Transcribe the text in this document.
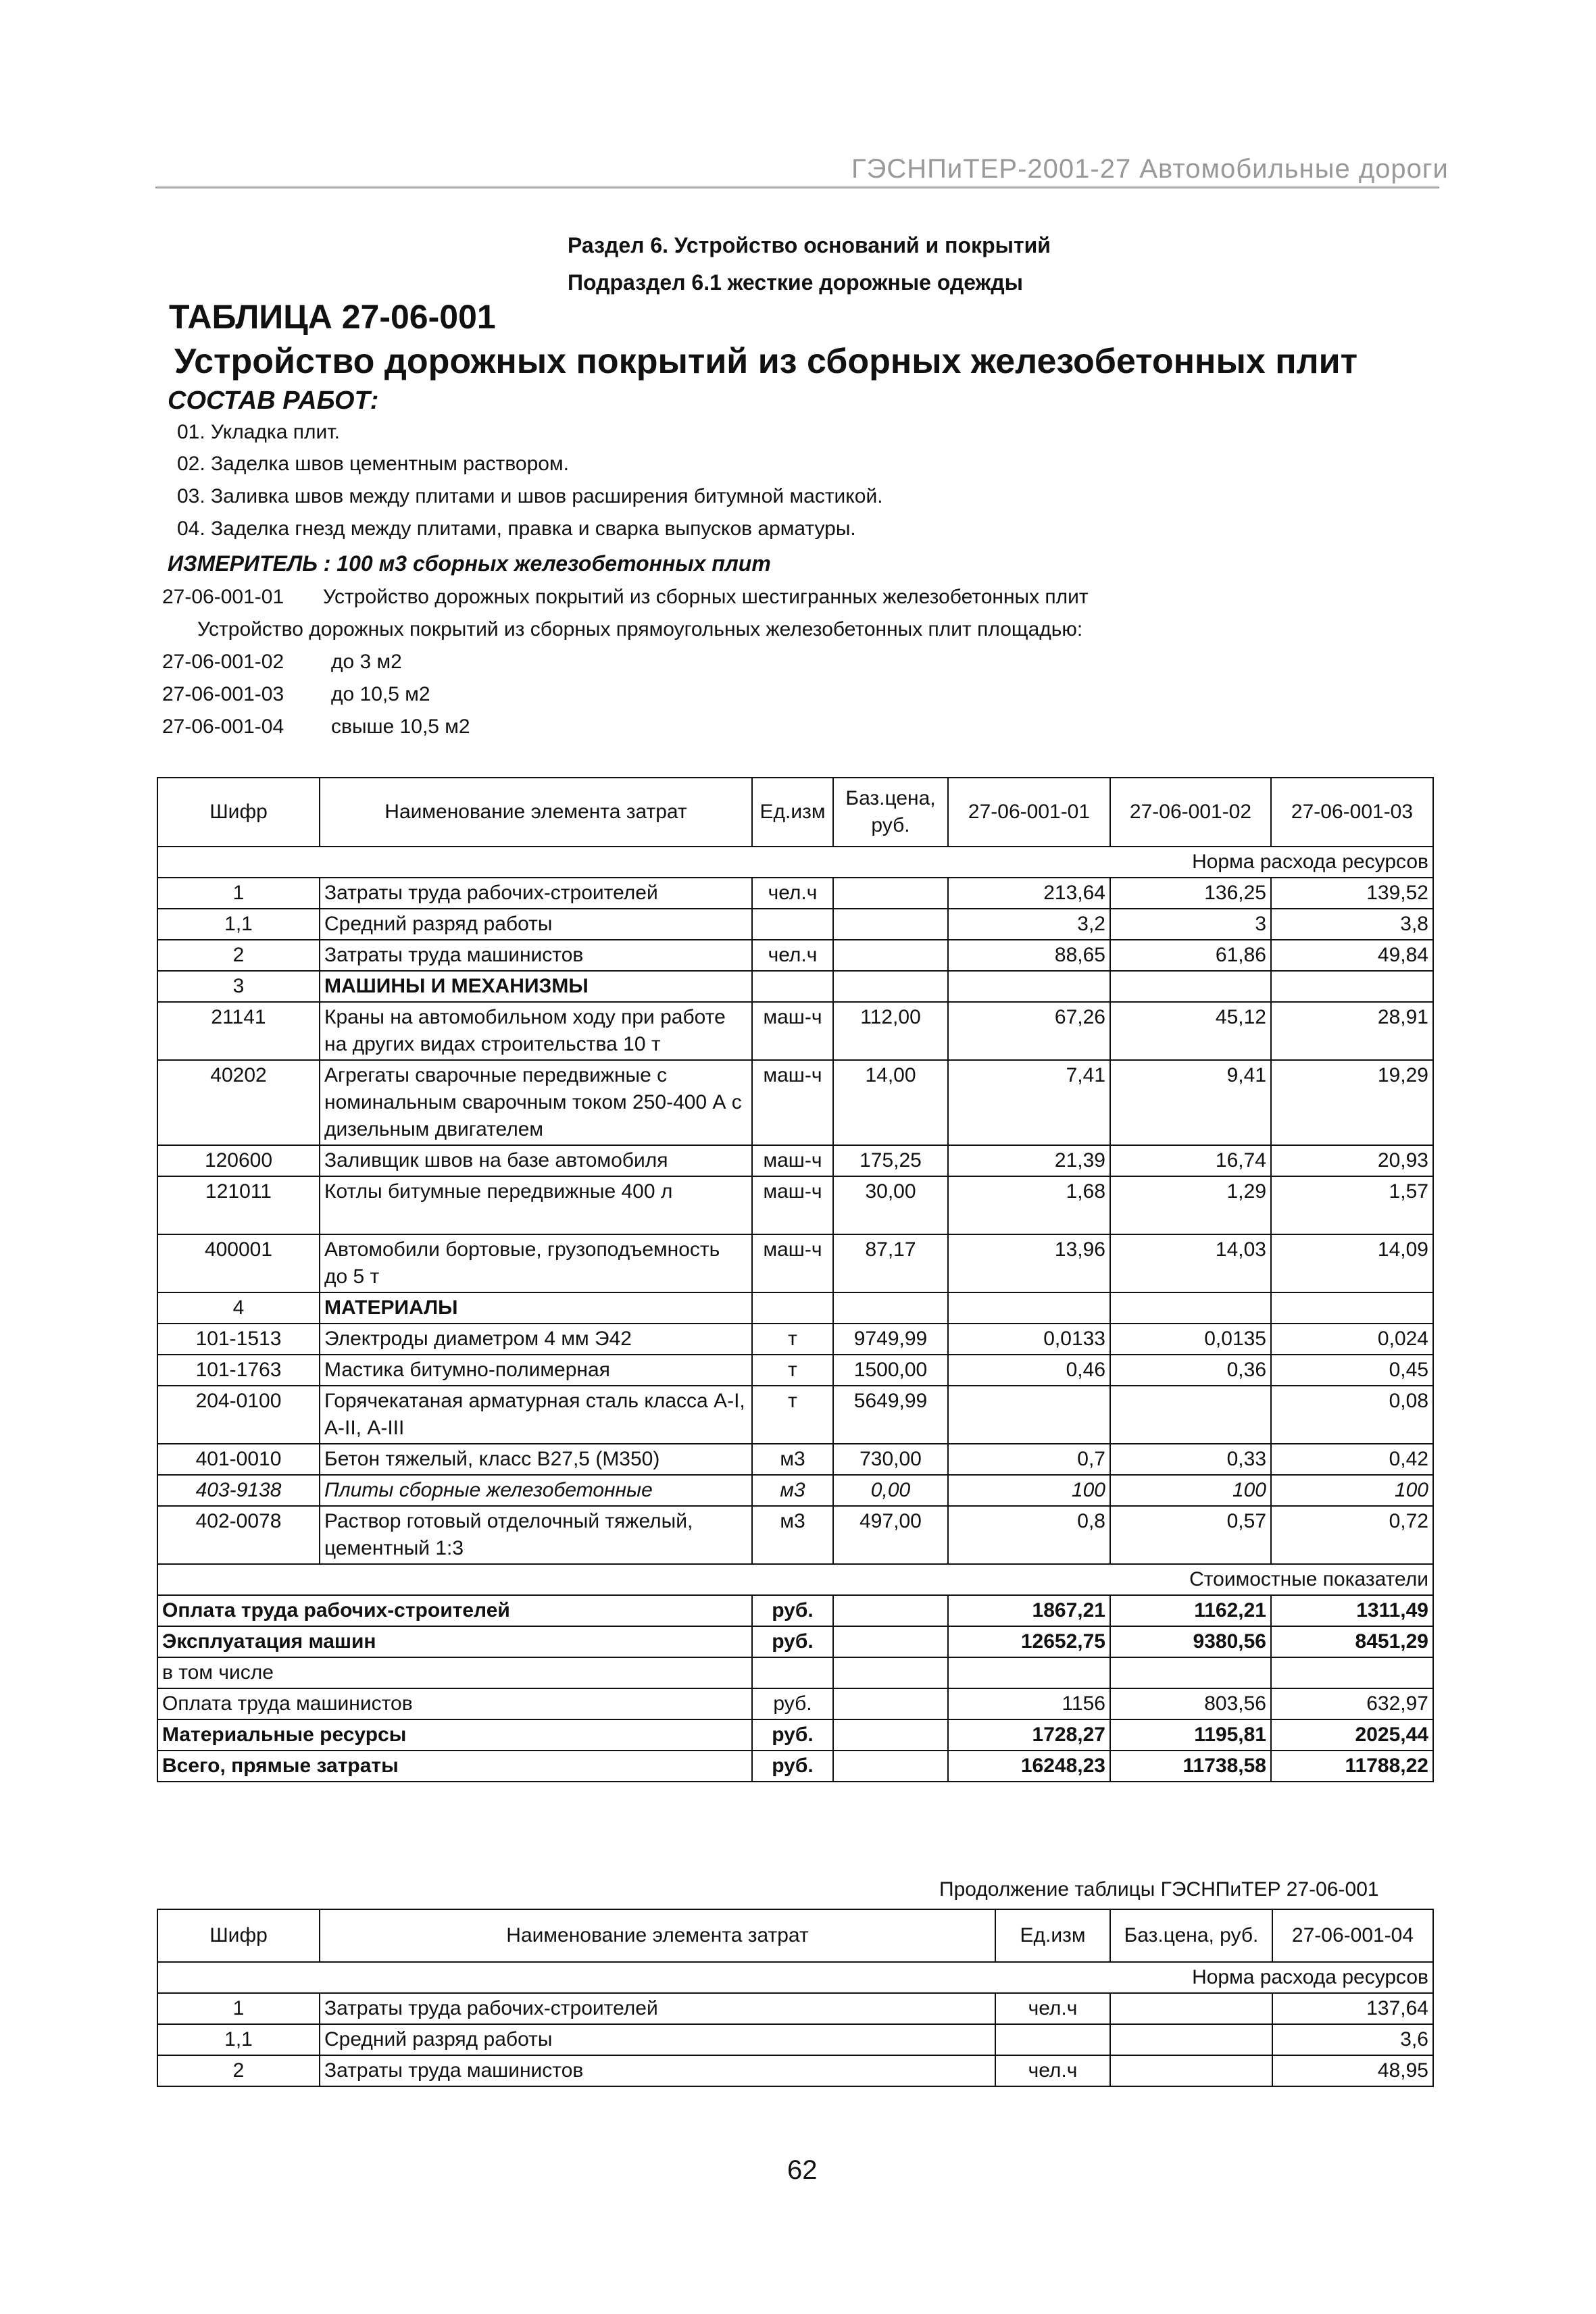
ГЭСНПиТЕР-2001-27 Автомобильные дороги
Раздел 6. Устройство оснований и покрытий
Подраздел 6.1 жесткие дорожные одежды
ТАБЛИЦА 27-06-001
Устройство дорожных покрытий из сборных железобетонных плит
СОСТАВ РАБОТ:
01. Укладка плит.
02. Заделка швов цементным раствором.
03. Заливка швов между плитами и швов расширения битумной мастикой.
04. Заделка гнезд между плитами, правка и сварка выпусков арматуры.
ИЗМЕРИТЕЛЬ : 100 м3 сборных железобетонных плит
27-06-001-01 Устройство дорожных покрытий из сборных шестигранных железобетонных плит
Устройство дорожных покрытий из сборных прямоугольных железобетонных плит площадью:
27-06-001-02 до 3 м2
27-06-001-03 до 10,5 м2
27-06-001-04 свыше 10,5 м2
Шифр	Наименование элемента затрат	Ед.изм	Баз.цена, руб.	27-06-001-01	27-06-001-02	27-06-001-03
Норма расхода ресурсов						
1	Затраты труда рабочих-строителей	чел.ч		213,64	136,25	139,52
1,1	Средний разряд работы			3,2	3	3,8
2	Затраты труда машинистов	чел.ч		88,65	61,86	49,84
3	МАШИНЫ И МЕХАНИЗМЫ					
21141	Краны на автомобильном ходу при работе на других видах строительства 10 т	маш-ч	112,00	67,26	45,12	28,91
40202	Агрегаты сварочные передвижные с номинальным сварочным током 250-400 А с дизельным двигателем	маш-ч	14,00	7,41	9,41	19,29
120600	Заливщик швов на базе автомобиля	маш-ч	175,25	21,39	16,74	20,93
121011	Котлы битумные передвижные 400 л	маш-ч	30,00	1,68	1,29	1,57
400001	Автомобили бортовые, грузоподъемность до 5 т	маш-ч	87,17	13,96	14,03	14,09
4	МАТЕРИАЛЫ					
101-1513	Электроды диаметром 4 мм Э42	т	9749,99	0,0133	0,0135	0,024
101-1763	Мастика битумно-полимерная	т	1500,00	0,46	0,36	0,45
204-0100	Горячекатаная арматурная сталь класса А-I, А-II, А-III	т	5649,99			0,08
401-0010	Бетон тяжелый, класс В27,5 (М350)	м3	730,00	0,7	0,33	0,42
403-9138	Плиты сборные железобетонные	м3	0,00	100	100	100
402-0078	Раствор готовый отделочный тяжелый, цементный 1:3	м3	497,00	0,8	0,57	0,72
Стоимостные показатели						
Оплата труда рабочих-строителей		руб.		1867,21	1162,21	1311,49
Эксплуатация машин		руб.		12652,75	9380,56	8451,29
в том числе						
Оплата труда машинистов		руб.		1156	803,56	632,97
Материальные ресурсы		руб.		1728,27	1195,81	2025,44
Всего, прямые затраты		руб.		16248,23	11738,58	11788,22
Продолжение таблицы ГЭСНПиТЕР 27-06-001
Шифр	Наименование элемента затрат	Ед.изм	Баз.цена, руб.	27-06-001-04
Норма расхода ресурсов				
1	Затраты труда рабочих-строителей	чел.ч		137,64
1,1	Средний разряд работы			3,6
2	Затраты труда машинистов	чел.ч		48,95
62
